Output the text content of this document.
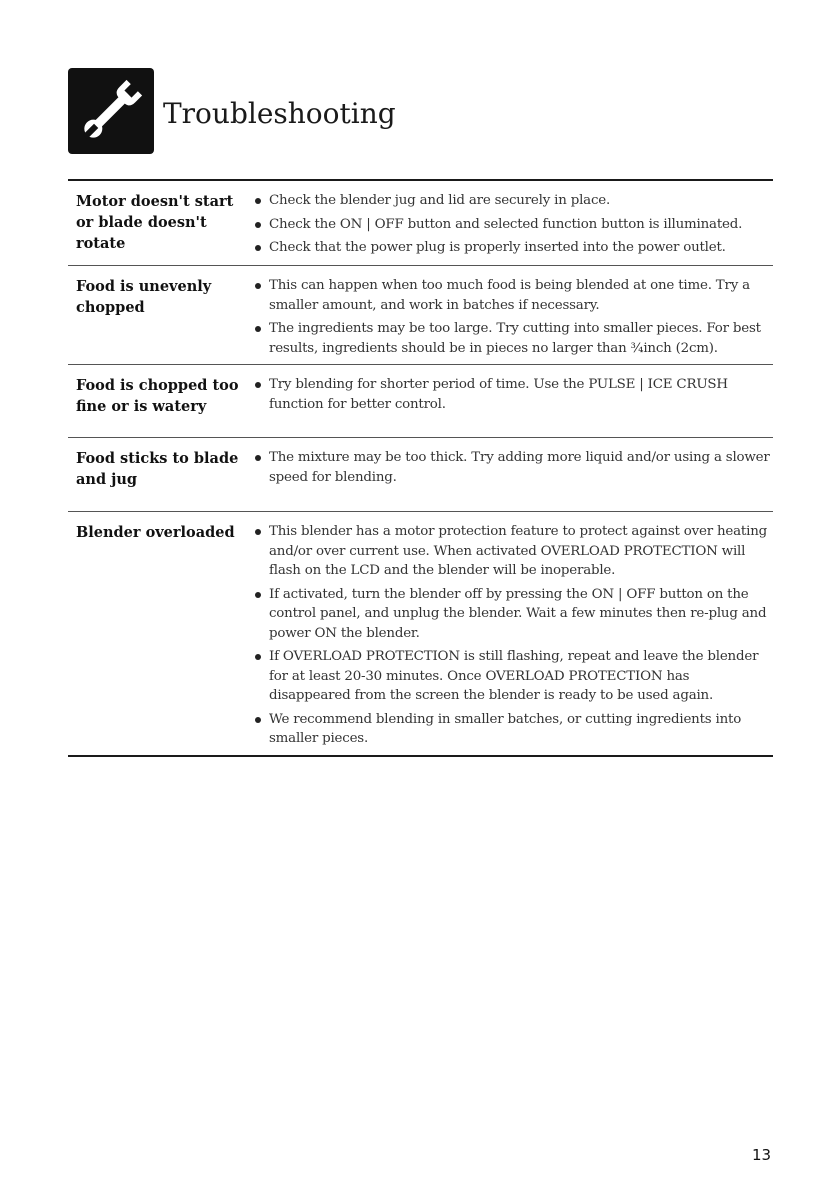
Troubleshooting
Motor doesn't start or blade doesn't rotate
Check the blender jug and lid are securely in place.
Check the ON | OFF button and selected function button is illuminated.
Check that the power plug is properly inserted into the power outlet.
Food is unevenly chopped
This can happen when too much food is being blended at one time. Try a smaller amount, and work in batches if necessary.
The ingredients may be too large. Try cutting into smaller pieces. For best results, ingredients should be in pieces no larger than ¾inch (2cm).
Food is chopped too fine or is watery
Try blending for shorter period of time. Use the PULSE | ICE CRUSH function for better control.
Food sticks to blade and jug
The mixture may be too thick. Try adding more liquid and/or using a slower speed for blending.
Blender overloaded	This blender has a motor protection feature to protect against over heating and/or over current use. When activated OVERLOAD PROTECTION will flash on the LCD and the blender will be inoperable.
If activated, turn the blender off by pressing the ON | OFF button on the control panel, and unplug the blender. Wait a few minutes then re-plug and power ON the blender.
If OVERLOAD PROTECTION is still flashing, repeat and leave the blender for at least 20-30 minutes. Once OVERLOAD PROTECTION has disappeared from the screen the blender is ready to be used again.
We recommend blending in smaller batches, or cutting ingredients into smaller pieces.
13
